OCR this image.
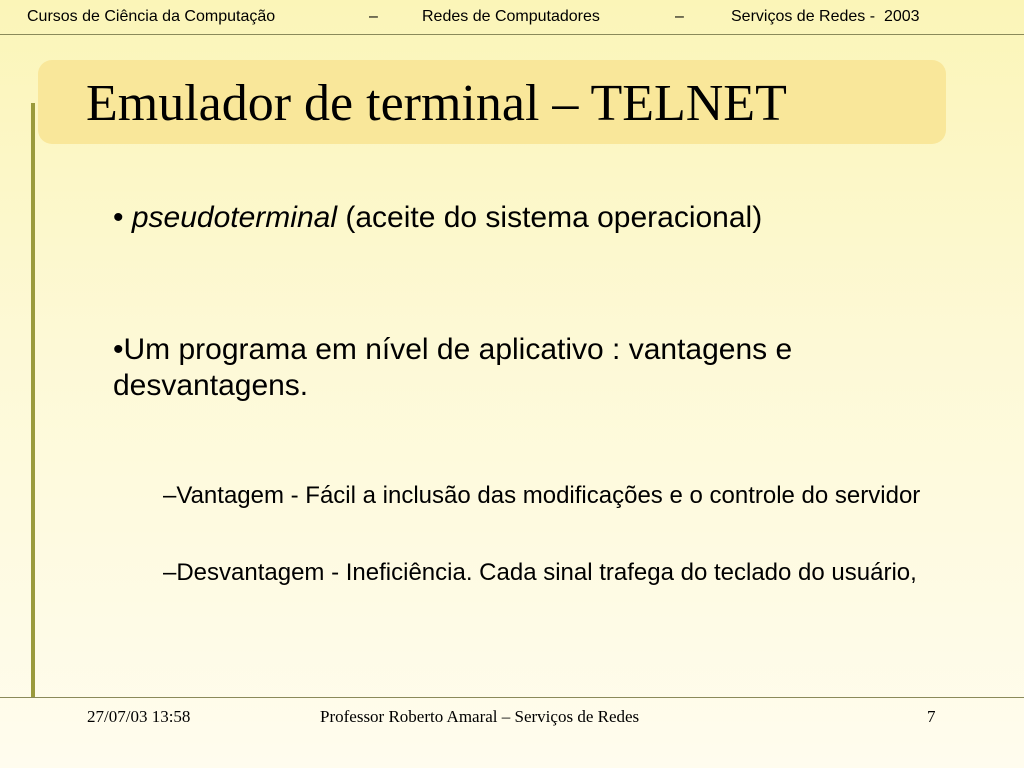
Cursos de Ciência da Computação

	–

	Redes de Computadores

	–

	Serviços de Redes -  2003

Emulador de terminal – TELNET
• pseudoterminal (aceite do sistema operacional)
•Um programa em nível de aplicativo : vantagens e desvantagens.
–Vantagem - Fácil a inclusão das modificações e o controle do servidor
–Desvantagem - Ineficiência. Cada sinal trafega do teclado do usuário,
27/07/03 13:58	Professor Roberto Amaral – Serviços de Redes	7
